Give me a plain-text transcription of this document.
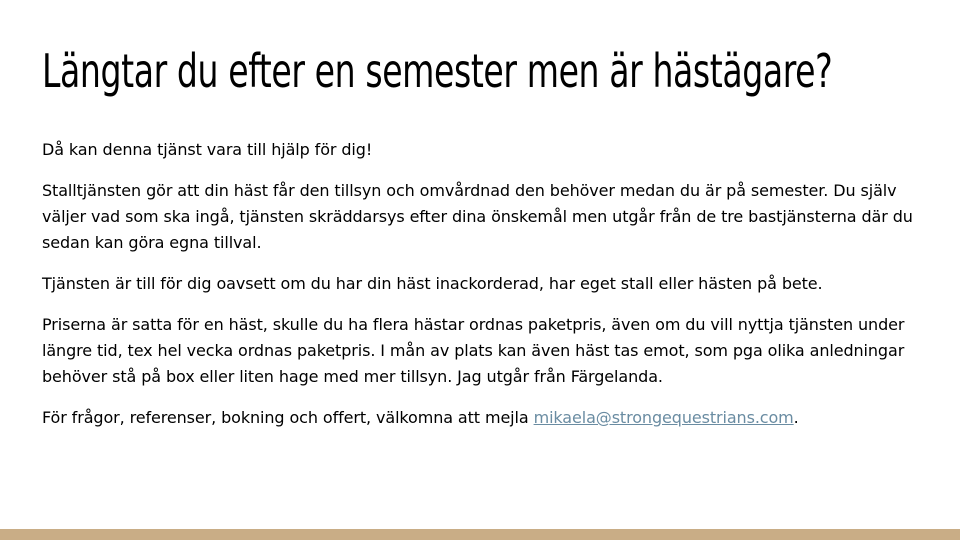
Längtar du efter en semester men är hästägare?

Då kan denna tjänst vara till hjälp för dig!

Stalltjänsten gör att din häst får den tillsyn och omvårdnad den behöver medan du är på semester. Du själv väljer vad som ska ingå, tjänsten skräddarsys efter dina önskemål men utgår från de tre bastjänsterna där du sedan kan göra egna tillval.

Tjänsten är till för dig oavsett om du har din häst inackorderad, har eget stall eller hästen på bete.

Priserna är satta för en häst, skulle du ha flera hästar ordnas paketpris, även om du vill nyttja tjänsten under längre tid, tex hel vecka ordnas paketpris. I mån av plats kan även häst tas emot, som pga olika anledningar behöver stå på box eller liten hage med mer tillsyn. Jag utgår från Färgelanda.

För frågor, referenser, bokning och offert, välkomna att mejla mikaela@strongequestrians.com.
